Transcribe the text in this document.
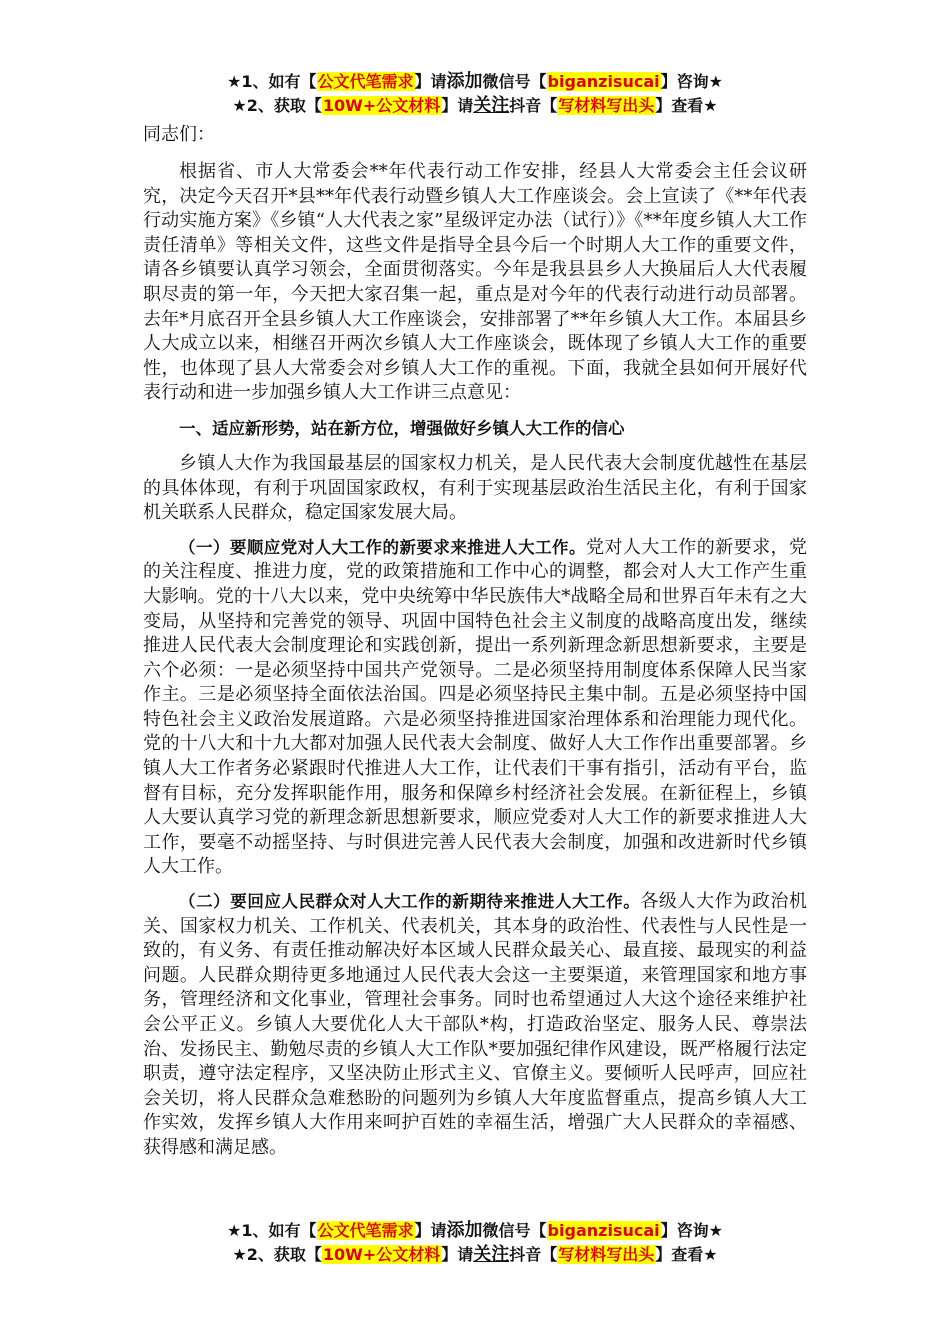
★1、如有【公文代笔需求】请添加微信号【biganzisucai】咨询★
★2、获取【10W+公文材料】请关注抖音【写材料写出头】查看★

同志们：

根据省、市人大常委会**年代表行动工作安排，经县人大常委会主任会议研究，决定今天召开*县**年代表行动暨乡镇人大工作座谈会。会上宣读了《**年代表行动实施方案》《乡镇“人大代表之家”星级评定办法（试行）》《**年度乡镇人大工作责任清单》等相关文件，这些文件是指导全县今后一个时期人大工作的重要文件，请各乡镇要认真学习领会，全面贯彻落实。今年是我县县乡人大换届后人大代表履职尽责的第一年，今天把大家召集一起，重点是对今年的代表行动进行动员部署。去年*月底召开全县乡镇人大工作座谈会，安排部署了**年乡镇人大工作。本届县乡人大成立以来，相继召开两次乡镇人大工作座谈会，既体现了乡镇人大工作的重要性，也体现了县人大常委会对乡镇人大工作的重视。下面，我就全县如何开展好代表行动和进一步加强乡镇人大工作讲三点意见：

一、适应新形势，站在新方位，增强做好乡镇人大工作的信心

乡镇人大作为我国最基层的国家权力机关，是人民代表大会制度优越性在基层的具体体现，有利于巩固国家政权，有利于实现基层政治生活民主化，有利于国家机关联系人民群众，稳定国家发展大局。

（一）要顺应党对人大工作的新要求来推进人大工作。党对人大工作的新要求，党的关注程度、推进力度，党的政策措施和工作中心的调整，都会对人大工作产生重大影响。党的十八大以来，党中央统筹中华民族伟大*战略全局和世界百年未有之大变局，从坚持和完善党的领导、巩固中国特色社会主义制度的战略高度出发，继续推进人民代表大会制度理论和实践创新，提出一系列新理念新思想新要求，主要是六个必须：一是必须坚持中国共产党领导。二是必须坚持用制度体系保障人民当家作主。三是必须坚持全面依法治国。四是必须坚持民主集中制。五是必须坚持中国特色社会主义政治发展道路。六是必须坚持推进国家治理体系和治理能力现代化。党的十八大和十九大都对加强人民代表大会制度、做好人大工作作出重要部署。乡镇人大工作者务必紧跟时代推进人大工作，让代表们干事有指引，活动有平台，监督有目标，充分发挥职能作用，服务和保障乡村经济社会发展。在新征程上，乡镇人大要认真学习党的新理念新思想新要求，顺应党委对人大工作的新要求推进人大工作，要毫不动摇坚持、与时俱进完善人民代表大会制度，加强和改进新时代乡镇人大工作。

（二）要回应人民群众对人大工作的新期待来推进人大工作。各级人大作为政治机关、国家权力机关、工作机关、代表机关，其本身的政治性、代表性与人民性是一致的，有义务、有责任推动解决好本区域人民群众最关心、最直接、最现实的利益问题。人民群众期待更多地通过人民代表大会这一主要渠道，来管理国家和地方事务，管理经济和文化事业，管理社会事务。同时也希望通过人大这个途径来维护社会公平正义。乡镇人大要优化人大干部队*构，打造政治坚定、服务人民、尊崇法治、发扬民主、勤勉尽责的乡镇人大工作队*要加强纪律作风建设，既严格履行法定职责，遵守法定程序，又坚决防止形式主义、官僚主义。要倾听人民呼声，回应社会关切，将人民群众急难愁盼的问题列为乡镇人大年度监督重点，提高乡镇人大工作实效，发挥乡镇人大作用来呵护百姓的幸福生活，增强广大人民群众的幸福感、获得感和满足感。

★1、如有【公文代笔需求】请添加微信号【biganzisucai】咨询★
★2、获取【10W+公文材料】请关注抖音【写材料写出头】查看★
